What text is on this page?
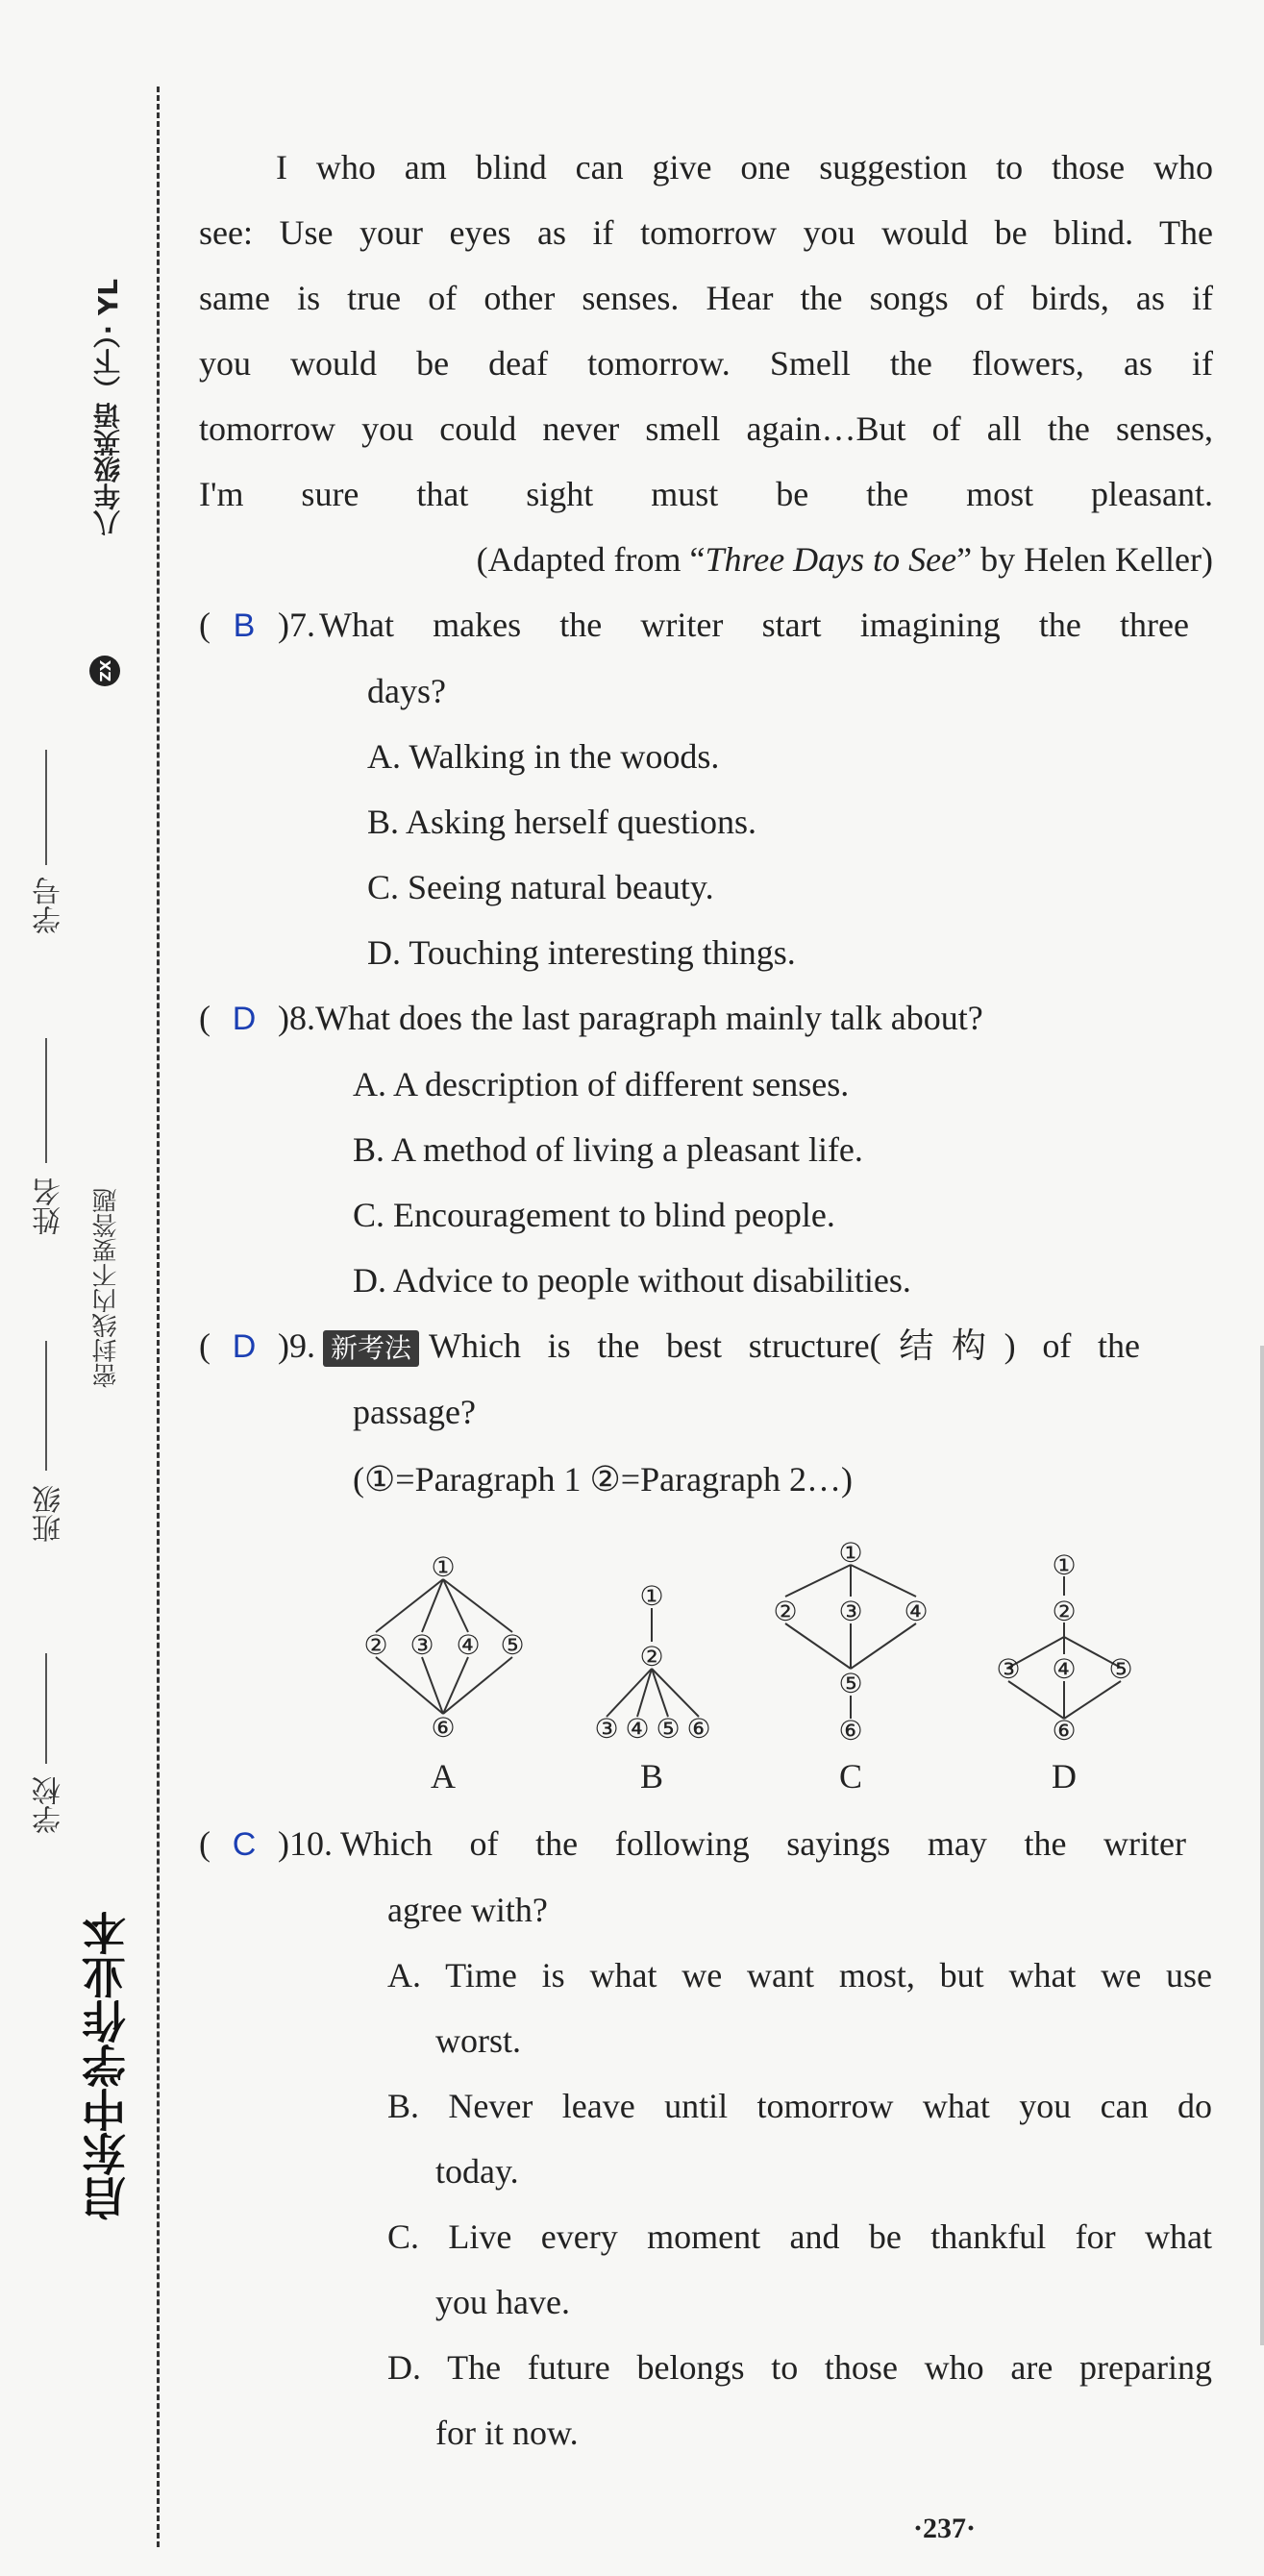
启东中学作业本
学校
班级
密封线内不要答题
姓名
学号
XZ
八年级英语（下）· YL
I who am blind can give one suggestion to those who
see: Use your eyes as if tomorrow you would be blind. The
same is true of other senses. Hear the songs of birds, as if
you would be deaf tomorrow. Smell the flowers, as if
tomorrow you could never smell again…But of all the senses,
I'm sure that sight must be the most pleasant.

(Adapted from “Three Days to See” by Helen Keller)

( B )7. What makes the writer start imagining the three
days?
A. Walking in the woods.
B. Asking herself questions.
C. Seeing natural beauty.
D. Touching interesting things.
( D )8. What does the last paragraph mainly talk about?
A. A description of different senses.
B. A method of living a pleasant life.
C. Encouragement to blind people.
D. Advice to people without disabilities.
( D )9. 新考法 Which is the best structure(结构) of the
passage?
(①=Paragraph 1 ②=Paragraph 2…)
①
② ③ ④ ⑤
⑥
①
②
③ ④ ⑤ ⑥
①
② ③ ④
⑤
⑥
①
②
③ ④ ⑤
⑥
A	B	C	D
( C )10. Which of the following sayings may the writer
agree with?
A. Time is what we want most, but what we use
worst.
B. Never leave until tomorrow what you can do
today.
C. Live every moment and be thankful for what
you have.
D. The future belongs to those who are preparing
for it now.
·237·
